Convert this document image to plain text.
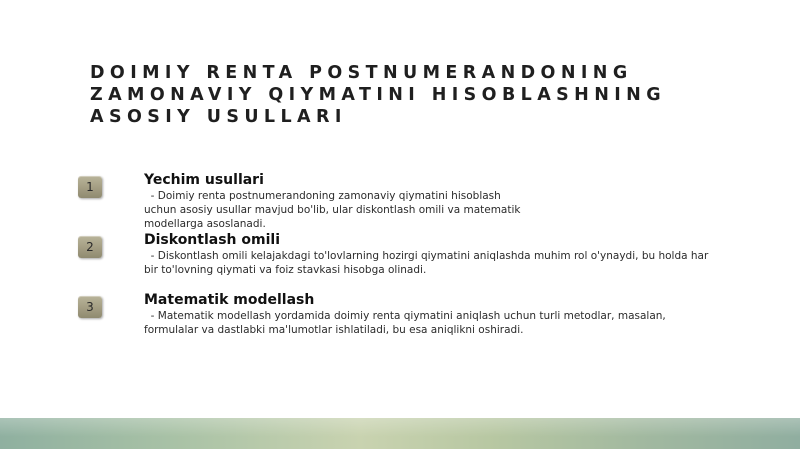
DOIMIY RENTA POSTNUMERANDONING
ZAMONAVIY QIYMATINI HISOBLASHNING
ASOSIY USULLARI
1	Yechim usullari

- Doimiy renta postnumerandoning zamonaviy qiymatini hisoblash
uchun asosiy usullar mavjud bo'lib, ular diskontlash omili va matematik
modellarga asoslanadi.

2	Diskontlash omili

- Diskontlash omili kelajakdagi to'lovlarning hozirgi qiymatini aniqlashda muhim rol o'ynaydi, bu holda har
bir to'lovning qiymati va foiz stavkasi hisobga olinadi.

3	Matematik modellash

- Matematik modellash yordamida doimiy renta qiymatini aniqlash uchun turli metodlar, masalan,
formulalar va dastlabki ma'lumotlar ishlatiladi, bu esa aniqlikni oshiradi.
